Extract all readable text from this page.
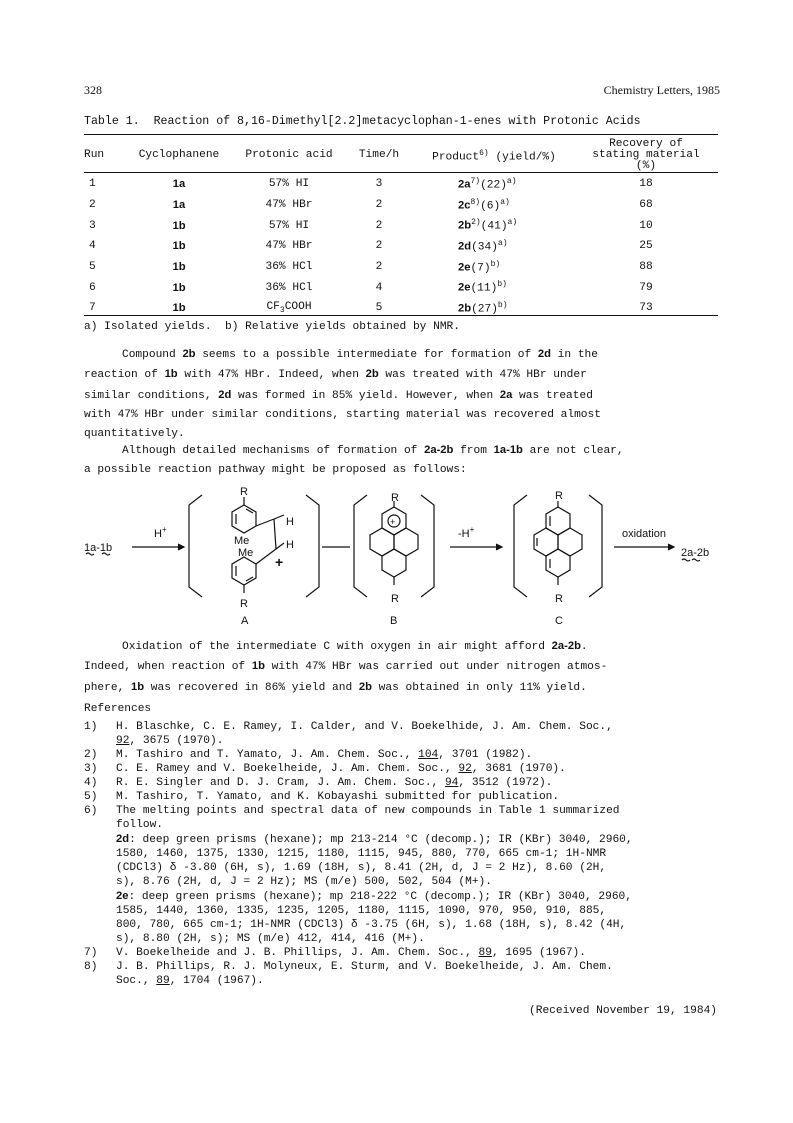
328	Chemistry Letters, 1985
Table 1.  Reaction of 8,16-Dimethyl[2.2]metacyclophan-1-enes with Protonic Acids
Run	Cyclophanene	Protonic acid	Time/h	Product$^{6)}$ (yield/%)	Recovery of
stating material
(%)

1	1a	57% HI	3	$2a^{7)}(22)^{a)}$	18
2	1a	47% HBr	2	$2c^{8)}(6)^{a)}$	68
3	1b	57% HI	2	$2b^{2)}(41)^{a)}$	10
4	1b	47% HBr	2	$2d(34)^{a)}$	25
5	1b	36% HCl	2	$2e(7)^{b)}$	88
6	1b	36% HCl	4	$2e(11)^{b)}$	79
7	1b	$CF_3COOH$	5	$2b(27)^{b)}$	73
a) Isolated yields.  b) Relative yields obtained by NMR.

Compound 2b seems to a possible intermediate for formation of 2d in the

reaction of 1b with 47% HBr. Indeed, when 2b was treated with 47% HBr under

similar conditions, 2d was formed in 85% yield. However, when 2a was treated

with 47% HBr under similar conditions, starting material was recovered almost

quantitatively.

Although detailed mechanisms of formation of 2a-2b from 1a-1b are not clear,

a possible reaction pathway might be proposed as follows:

1a-1b
H+
R
R
Me
Me
H
H
+
R
R
+
-H+
R
R
oxidation
2a-2b
A	B	C

Oxidation of the intermediate C with oxygen in air might afford 2a-2b.

Indeed, when reaction of 1b with 47% HBr was carried out under nitrogen atmos-

phere, 1b was recovered in 86% yield and 2b was obtained in only 11% yield.

References
1)	H. Blaschke, C. E. Ramey, I. Calder, and V. Boekelhide, J. Am. Chem. Soc.,
92, 3675 (1970).
2)	M. Tashiro and T. Yamato, J. Am. Chem. Soc., 104, 3701 (1982).
3)	C. E. Ramey and V. Boekelheide, J. Am. Chem. Soc., 92, 3681 (1970).
4)	R. E. Singler and D. J. Cram, J. Am. Chem. Soc., 94, 3512 (1972).
5)	M. Tashiro, T. Yamato, and K. Kobayashi submitted for publication.
6)	The melting points and spectral data of new compounds in Table 1 summarized
follow.
2d: deep green prisms (hexane); mp 213-214 °C (decomp.); IR (KBr) 3040, 2960,
1580, 1460, 1375, 1330, 1215, 1180, 1115, 945, 880, 770, 665 cm-1; 1H-NMR
(CDCl3) δ -3.80 (6H, s), 1.69 (18H, s), 8.41 (2H, d, J = 2 Hz), 8.60 (2H,
s), 8.76 (2H, d, J = 2 Hz); MS (m/e) 500, 502, 504 (M+).
2e: deep green prisms (hexane); mp 218-222 °C (decomp.); IR (KBr) 3040, 2960,
1585, 1440, 1360, 1335, 1235, 1205, 1180, 1115, 1090, 970, 950, 910, 885,
800, 780, 665 cm-1; 1H-NMR (CDCl3) δ -3.75 (6H, s), 1.68 (18H, s), 8.42 (4H,
s), 8.80 (2H, s); MS (m/e) 412, 414, 416 (M+).
7)	V. Boekelheide and J. B. Phillips, J. Am. Chem. Soc., 89, 1695 (1967).
8)	J. B. Phillips, R. J. Molyneux, E. Sturm, and V. Boekelheide, J. Am. Chem.
Soc., 89, 1704 (1967).
(Received November 19, 1984)
